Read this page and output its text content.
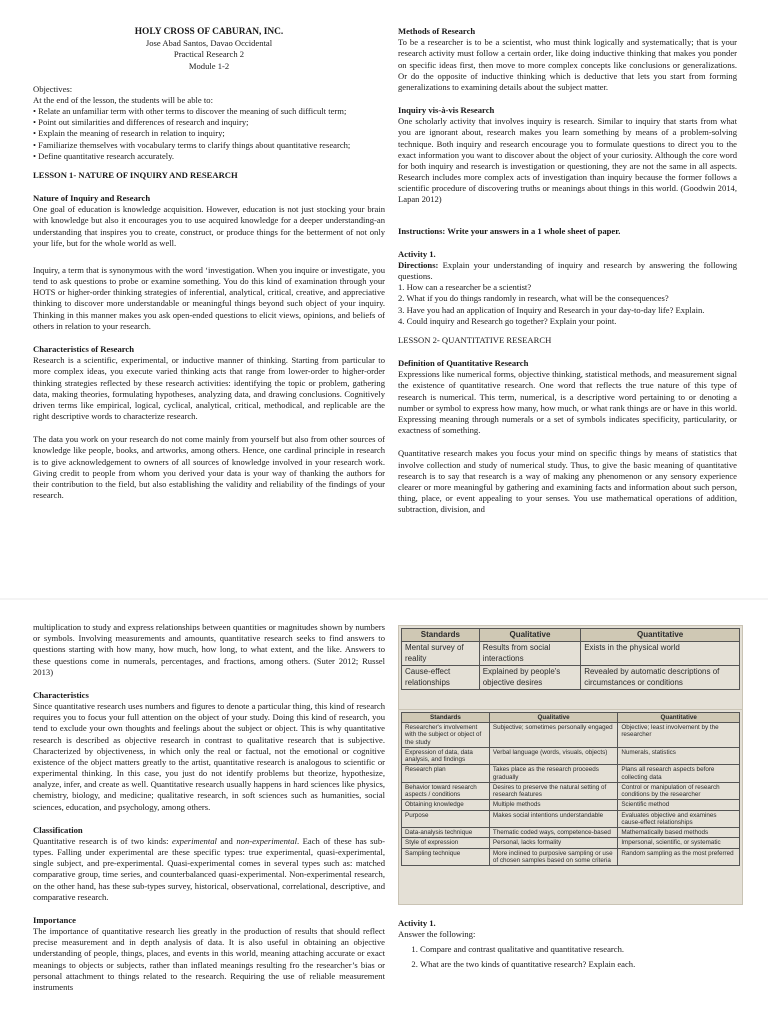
HOLY CROSS OF CABURAN, INC.

Jose Abad Santos, Davao Occidental

Practical Research 2

Module 1-2

Objectives:

At the end of the lesson, the students will be able to:

• Relate an unfamiliar term with other terms to discover the meaning of such difficult term;

• Point out similarities and differences of research and inquiry;

• Explain the meaning of research in relation to inquiry;

• Familiarize themselves with vocabulary terms to clarify things about quantitative research;

• Define quantitative research accurately.

LESSON 1- NATURE OF INQUIRY AND RESEARCH

Nature of Inquiry and Research

One goal of education is knowledge acquisition. However, education is not just stocking your brain with knowledge but also it encourages you to use acquired knowledge for a deeper understanding-an understanding that inspires you to create, construct, or produce things for the betterment of not only your life, but for the whole world as well.

Inquiry, a term that is synonymous with the word ‘investigation. When you inquire or investigate, you tend to ask questions to probe or examine something. You do this kind of examination through your HOTS or higher-order thinking strategies of inferential, analytical, critical, creative, and appreciative thinking to discover more understandable or meaningful things beyond such object of your inquiry. Thinking in this manner makes you ask open-ended questions to elicit views, opinions, and beliefs of others in relation to your research.

Characteristics of Research

Research is a scientific, experimental, or inductive manner of thinking. Starting from particular to more complex ideas, you execute varied thinking acts that range from lower-order to higher-order thinking strategies reflected by these research activities: identifying the topic or problem, gathering data, making theories, formulating hypotheses, analyzing data, and drawing conclusions. Cognitively driven terms like empirical, logical, cyclical, analytical, critical, methodical, and replicable are the right descriptive words to characterize research.

The data you work on your research do not come mainly from yourself but also from other sources of knowledge like people, books, and artworks, among others. Hence, one cardinal principle in research is to give acknowledgement to owners of all sources of knowledge involved in your research work. Giving credit to people from whom you derived your data is your way of thanking the authors for their contribution to the field, but also establishing the validity and reliability of the findings of your research.

Methods of Research

To be a researcher is to be a scientist, who must think logically and systematically; that is your research activity must follow a certain order, like doing inductive thinking that makes you ponder on specific ideas first, then move to more complex concepts like conclusions or generalizations. Or do the opposite of inductive thinking which is deductive that lets you start from forming generalizations to examining details about the subject matter.

Inquiry vis-à-vis Research

One scholarly activity that involves inquiry is research. Similar to inquiry that starts from what you are ignorant about, research makes you learn something by means of a problem-solving technique. Both inquiry and research encourage you to formulate questions to direct you to the exact information you want to discover about the object of your curiosity. Although the core word for both inquiry and research is investigation or questioning, they are not the same in all aspects. Research includes more complex acts of investigation than inquiry because the former follows a scientific procedure of discovering truths or meanings about things in this world. (Goodwin 2014, Lapan 2012)

Instructions: Write your answers in a 1 whole sheet of paper.

Activity 1.

Directions: Explain your understanding of inquiry and research by answering the following questions.

1. How can a researcher be a scientist?

2. What if you do things randomly in research, what will be the consequences?

3. Have you had an application of Inquiry and Research in your day-to-day life? Explain.

4. Could inquiry and Research go together? Explain your point.

LESSON 2- QUANTITATIVE RESEARCH

Definition of Quantitative Research

Expressions like numerical forms, objective thinking, statistical methods, and measurement signal the existence of quantitative research. One word that reflects the true nature of this type of research is numerical. This term, numerical, is a descriptive word pertaining to or denoting a number or symbol to express how many, how much, or what rank things are or have in this world. Expressing meaning through numerals or a set of symbols indicates specificity, particularity, or exactness of something.

Quantitative research makes you focus your mind on specific things by means of statistics that involve collection and study of numerical study. Thus, to give the basic meaning of quantitative research is to say that research is a way of making any phenomenon or any sensory experience clearer or more meaningful by gathering and examining facts and information about such person, thing, place, or event appealing to your senses. You use mathematical operations of addition, subtraction, division, and

multiplication to study and express relationships between quantities or magnitudes shown by numbers or symbols. Involving measurements and amounts, quantitative research seeks to find answers to questions starting with how many, how much, how long, to what extent, and the like. Answers to these questions come in numerals, percentages, and fractions, among others. (Suter 2012; Russel 2013)

Characteristics

Since quantitative research uses numbers and figures to denote a particular thing, this kind of research requires you to focus your full attention on the object of your study. Doing this kind of research, you tend to exclude your own thoughts and feelings about the subject or object. This is why quantitative research is described as objective research in contrast to qualitative research that is subjective. Characterized by objectiveness, in which only the real or factual, not the emotional or cognitive existence of the object matters greatly to the artist, quantitative research is analogous to scientific or experimental thinking. In this case, you just do not identify problems but theorize, hypothesize, analyze, infer, and create as well. Quantitative research usually happens in hard sciences like physics, chemistry, biology, and medicine; qualitative research, in soft sciences such as humanities, social sciences, education, and psychology, among others.

Classification

Quantitative research is of two kinds: experimental and non-experimental. Each of these has sub-types. Falling under experimental are these specific types: true experimental, quasi-experimental, single subject, and pre-experimental. Quasi-experimental comes in several types such as: matched comparative group, time series, and counterbalanced quasi-experimental. Non-experimental research, on the other hand, has these sub-types survey, historical, observational, correlational, descriptive, and comparative research.

Importance

The importance of quantitative research lies greatly in the production of results that should reflect precise measurement and in depth analysis of data. It is also useful in obtaining an objective understanding of people, things, places, and events in this world, meaning attaching accurate or exact meanings to objects or subjects, rather than inflated meanings resulting fro the researcher’s bias or personal attachment to things related to the research. Requiring the use of reliable measurement instruments

Standards	Qualitative	Quantitative
Mental survey of reality	Results from social interactions	Exists in the physical world
Cause-effect relationships	Explained by people's objective desires	Revealed by automatic descriptions of circumstances or conditions
Standards	Qualitative	Quantitative
Researcher's involvement with the subject or object of the study	Subjective; sometimes personally engaged	Objective; least involvement by the researcher
Expression of data, data analysis, and findings	Verbal language (words, visuals, objects)	Numerals, statistics
Research plan	Takes place as the research proceeds gradually	Plans all research aspects before collecting data
Behavior toward research aspects / conditions	Desires to preserve the natural setting of research features	Control or manipulation of research conditions by the researcher
Obtaining knowledge	Multiple methods	Scientific method
Purpose	Makes social intentions understandable	Evaluates objective and examines cause-effect relationships
Data-analysis technique	Thematic coded ways, competence-based	Mathematically based methods
Style of expression	Personal, lacks formality	Impersonal, scientific, or systematic
Sampling technique	More inclined to purposive sampling or use of chosen samples based on some criteria	Random sampling as the most preferred

Activity 1.

Answer the following:

1. Compare and contrast qualitative and quantitative research.
2. What are the two kinds of quantitative research? Explain each.
